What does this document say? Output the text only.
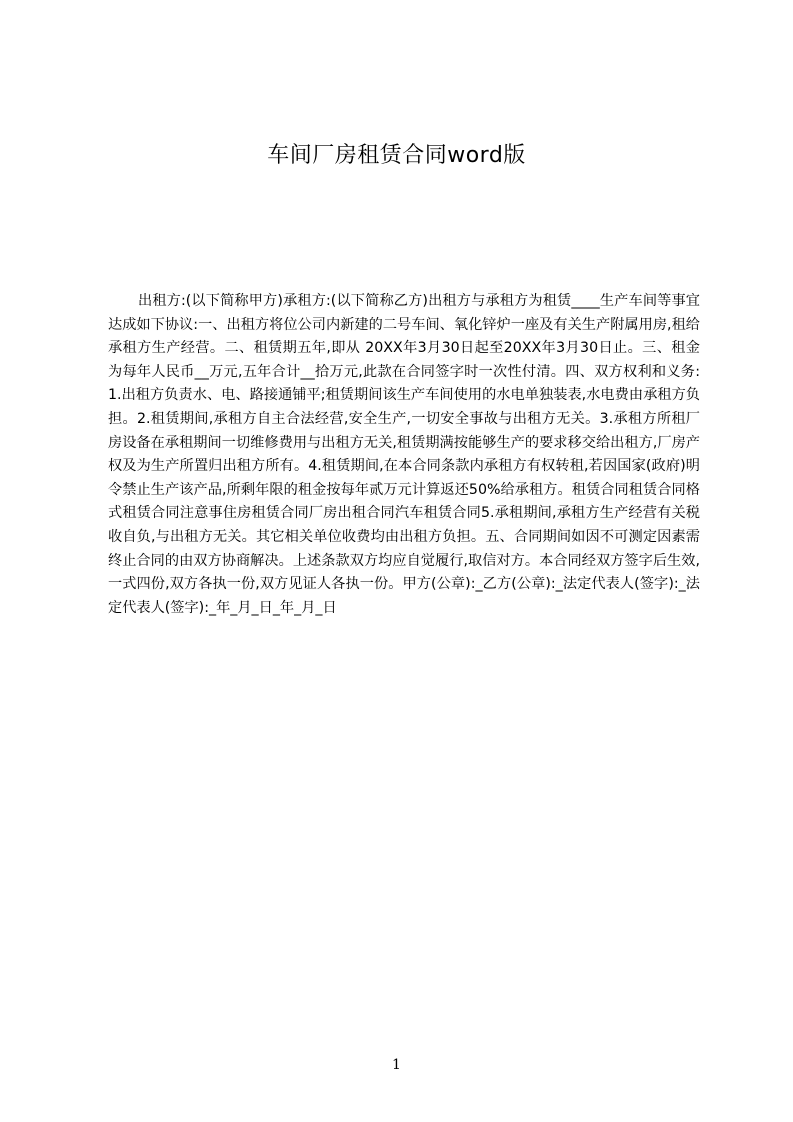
车间厂房租赁合同word版

出租方:(以下简称甲方)承租方:(以下简称乙方)出租方与承租方为租赁____生产车间等事宜达成如下协议:一、出租方将位公司内新建的二号车间、氧化锌炉一座及有关生产附属用房,租给承租方生产经营。二、租赁期五年,即从 20XX年3月30日起至20XX年3月30日止。三、租金为每年人民币__万元,五年合计__拾万元,此款在合同签字时一次性付清。四、双方权利和义务:1.出租方负责水、电、路接通铺平;租赁期间该生产车间使用的水电单独装表,水电费由承租方负担。2.租赁期间,承租方自主合法经营,安全生产,一切安全事故与出租方无关。3.承租方所租厂房设备在承租期间一切维修费用与出租方无关,租赁期满按能够生产的要求移交给出租方,厂房产权及为生产所置归出租方所有。4.租赁期间,在本合同条款内承租方有权转租,若因国家(政府)明令禁止生产该产品,所剩年限的租金按每年贰万元计算返还50%给承租方。租赁合同租赁合同格式租赁合同注意事住房租赁合同厂房出租合同汽车租赁合同5.承租期间,承租方生产经营有关税收自负,与出租方无关。其它相关单位收费均由出租方负担。五、合同期间如因不可测定因素需终止合同的由双方协商解决。上述条款双方均应自觉履行,取信对方。本合同经双方签字后生效,一式四份,双方各执一份,双方见证人各执一份。甲方(公章):_乙方(公章):_法定代表人(签字):_法定代表人(签字):_年_月_日_年_月_日

1
